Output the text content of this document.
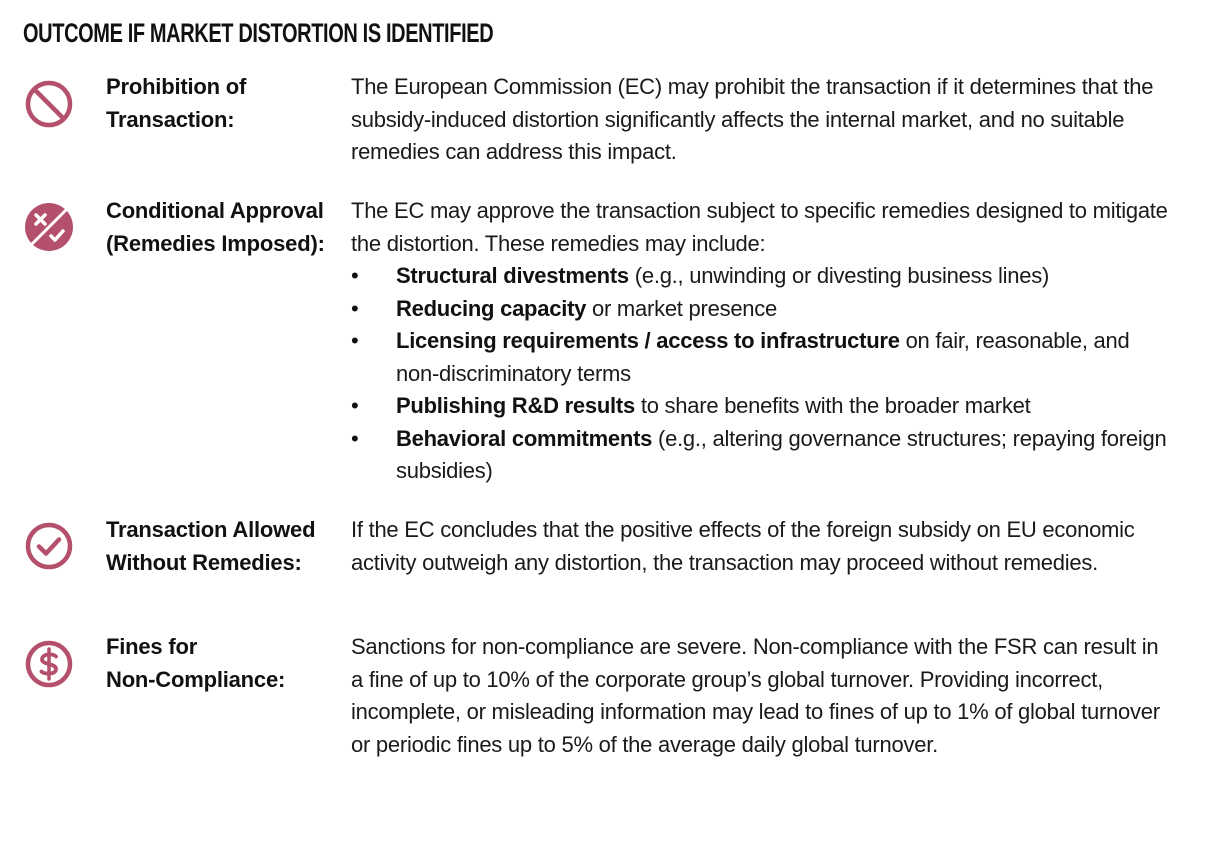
OUTCOME IF MARKET DISTORTION IS IDENTIFIED
Prohibition of
Transaction:

The European Commission (EC) may prohibit the transaction if it determines that the subsidy-induced distortion significantly affects the internal market, and no suitable remedies can address this impact.

Conditional Approval
(Remedies Imposed):

The EC may approve the transaction subject to specific remedies designed to mitigate the distortion. These remedies may include:

• Structural divestments (e.g., unwinding or divesting business lines)
• Reducing capacity or market presence
• Licensing requirements / access to infrastructure on fair, reasonable, and non-discriminatory terms
• Publishing R&D results to share benefits with the broader market
• Behavioral commitments (e.g., altering governance structures; repaying foreign subsidies)
Transaction Allowed
Without Remedies:

If the EC concludes that the positive effects of the foreign subsidy on EU economic activity outweigh any distortion, the transaction may proceed without remedies.

Fines for
Non-Compliance:

Sanctions for non-compliance are severe. Non-compliance with the FSR can result in a fine of up to 10% of the corporate group’s global turnover. Providing incorrect, incomplete, or misleading information may lead to fines of up to 1% of global turnover or periodic fines up to 5% of the average daily global turnover.
